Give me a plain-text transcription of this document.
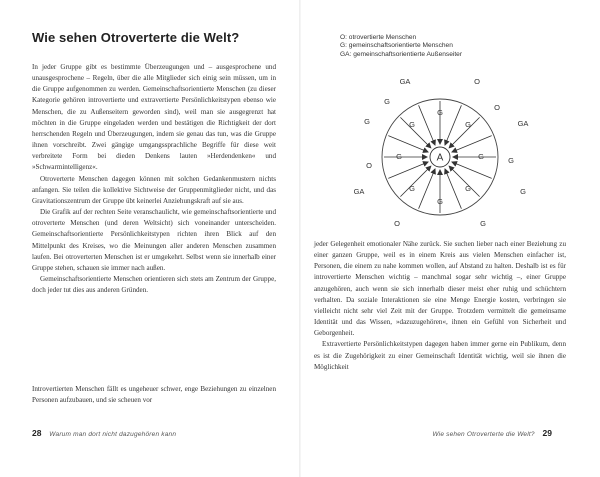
Wie sehen Otroverterte die Welt?

In jeder Gruppe gibt es bestimmte Überzeugungen und – ausgesprochene und unausgesprochene – Regeln, über die alle Mitglieder sich einig sein müssen, um in die Gruppe aufgenommen zu werden. Gemeinschaftsorientierte Menschen (zu dieser Kategorie gehören introvertierte und extravertierte Persönlichkeitstypen ebenso wie Menschen, die zu Außenseitern geworden sind), weil man sie ausgegrenzt hat möchten in die Gruppe eingeladen werden und bestätigen die Richtigkeit der dort herrschenden Regeln und Überzeugungen, indem sie genau das tun, was die Gruppe ihnen vorschreibt. Zwei gängige umgangssprachliche Begriffe für diese weit verbreitete Form bei dieden Denkens lauten »Herdendenken« und »Schwarmintelligenz«.

Otroverterte Menschen dagegen können mit solchen Gedankenmustern nichts anfangen. Sie teilen die kollektive Sichtweise der Gruppenmitglieder nicht, und das Gravitationszentrum der Gruppe übt keinerlei Anziehungskraft auf sie aus.

Die Grafik auf der rechten Seite veranschaulicht, wie gemeinschaftsorientierte und otroverterte Menschen (und deren Weltsicht) sich voneinander unterscheiden. Gemeinschaftsorientierte Persönlichkeitstypen richten ihren Blick auf den Mittelpunkt des Kreises, wo die Meinungen aller anderen Menschen zusammen laufen. Bei otroverterten Menschen ist er umgekehrt. Selbst wenn sie innerhalb einer Gruppe stehen, schauen sie immer nach außen.

Gemeinschaftsorientierte Menschen orientieren sich stets am Zentrum der Gruppe, doch jeder tut dies aus anderen Gründen.

Introvertierten Menschen fällt es ungeheuer schwer, enge Beziehungen zu einzelnen Personen aufzubauen, und sie scheuen vor

28 Warum man dort nicht dazugehören kann
O: otrovertierte Menschen
G: gemeinschaftsorientierte Menschen
GA: gemeinschaftsorientierte Außenseiter
A
G
G
G
G
G
G
G
G
GA	O
G	GA
O
G
GA
O
G
O	G
G

jeder Gelegenheit emotionaler Nähe zurück. Sie suchen lieber nach einer Beziehung zu einer ganzen Gruppe, weil es in einem Kreis aus vielen Menschen einfacher ist, Personen, die einem zu nahe kommen wollen, auf Abstand zu halten. Deshalb ist es für introvertierte Menschen wichtig – manchmal sogar sehr wichtig –, einer Gruppe anzugehören, auch wenn sie sich innerhalb dieser meist eher ruhig und schüchtern verhalten. Da soziale Interaktionen sie eine Menge Energie kosten, verbringen sie vielleicht nicht sehr viel Zeit mit der Gruppe. Trotzdem vermittelt die gemeinsame Identität und das Wissen, »dazuzugehören«, ihnen ein Gefühl von Sicherheit und Geborgenheit.

Extravertierte Persönlichkeitstypen dagegen haben immer gerne ein Publikum, denn es ist die Zugehörigkeit zu einer Gemeinschaft Identität wichtig, weil sie ihnen die Möglichkeit

Wie sehen Otroverterte die Welt? 29
